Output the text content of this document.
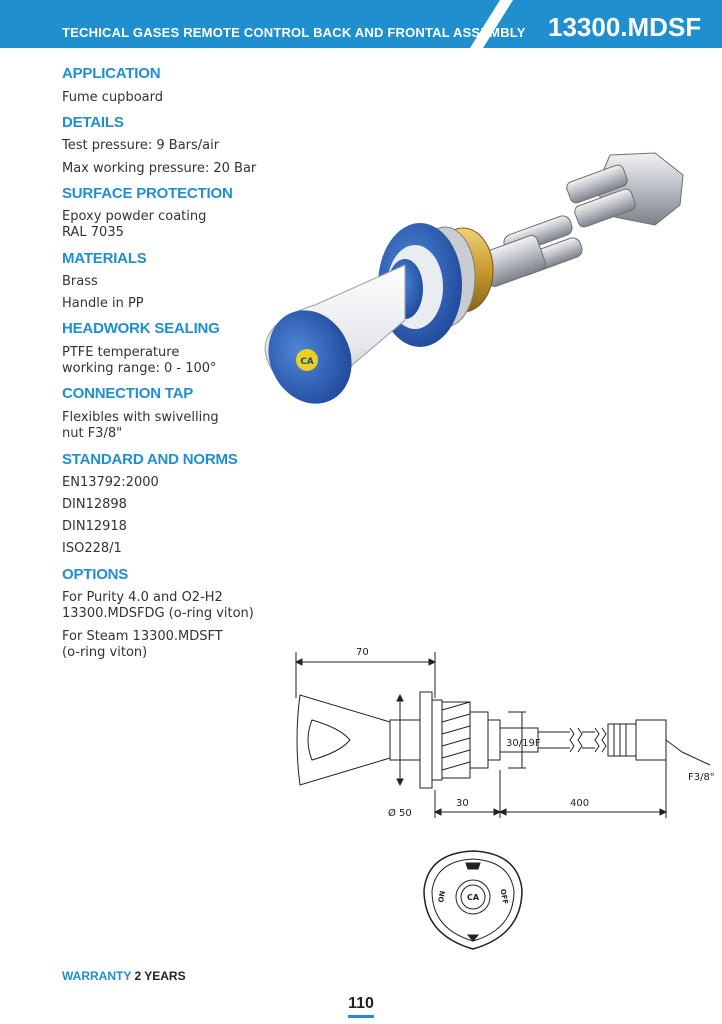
TECHICAL GASES REMOTE CONTROL BACK AND FRONTAL ASSEMBLY 13300.MDSF
APPLICATION
Fume cupboard
DETAILS
Test pressure: 9 Bars/air
Max working pressure: 20 Bar
SURFACE PROTECTION
Epoxy powder coating
RAL 7035
MATERIALS
Brass
Handle in PP
HEADWORK SEALING
PTFE temperature
working range: 0 - 100°
CONNECTION TAP
Flexibles with swivelling
nut F3/8"
STANDARD AND NORMS
EN13792:2000
DIN12898
DIN12918
ISO228/1
OPTIONS
For Purity 4.0 and O2-H2
13300.MDSFDG (o-ring viton)
For Steam 13300.MDSFT
(o-ring viton)
CA
70
Ø 50
30/19F
30	400
F3/8"
CA
ON	OFF
WARRANTY 2 YEARS
110
